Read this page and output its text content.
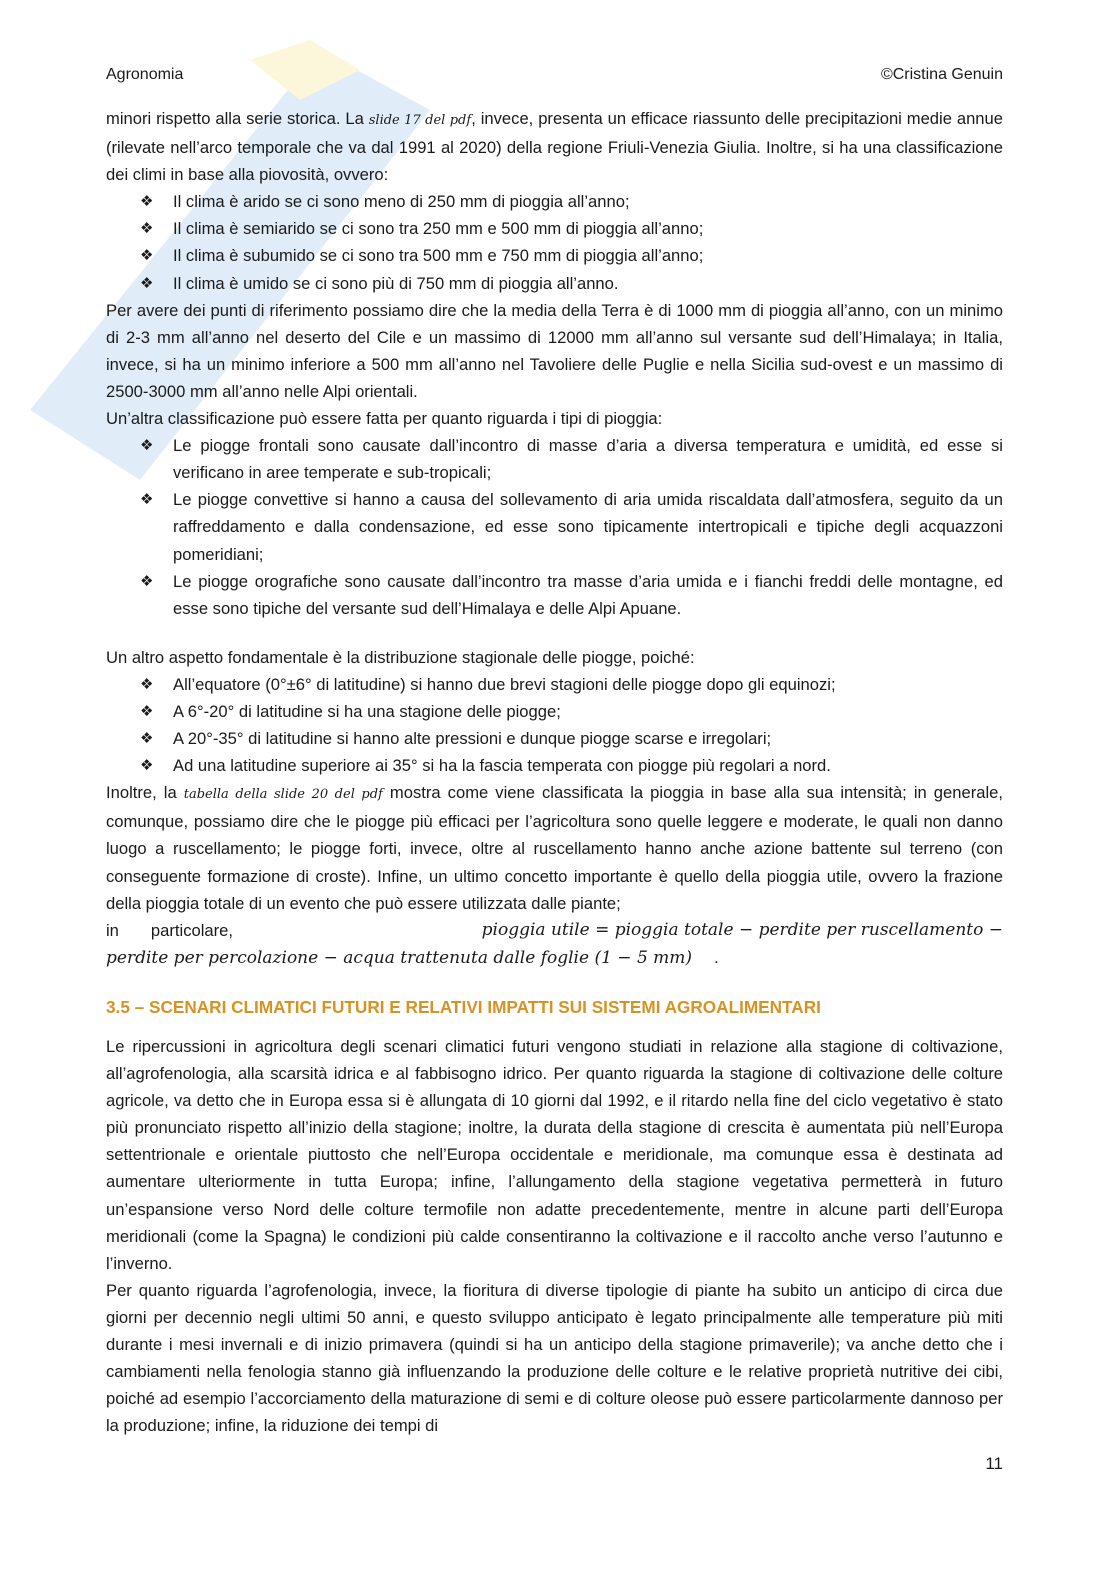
Agronomia	©Cristina Genuin

minori rispetto alla serie storica. La slide 17 del pdf, invece, presenta un efficace riassunto delle precipitazioni medie annue (rilevate nell’arco temporale che va dal 1991 al 2020) della regione Friuli-Venezia Giulia. Inoltre, si ha una classificazione dei climi in base alla piovosità, ovvero:

❖ Il clima è arido se ci sono meno di 250 mm di pioggia all’anno;
❖ Il clima è semiarido se ci sono tra 250 mm e 500 mm di pioggia all’anno;
❖ Il clima è subumido se ci sono tra 500 mm e 750 mm di pioggia all’anno;
❖ Il clima è umido se ci sono più di 750 mm di pioggia all’anno.

Per avere dei punti di riferimento possiamo dire che la media della Terra è di 1000 mm di pioggia all’anno, con un minimo di 2-3 mm all’anno nel deserto del Cile e un massimo di 12000 mm all’anno sul versante sud dell’Himalaya; in Italia, invece, si ha un minimo inferiore a 500 mm all’anno nel Tavoliere delle Puglie e nella Sicilia sud-ovest e un massimo di 2500-3000 mm all’anno nelle Alpi orientali.

Un’altra classificazione può essere fatta per quanto riguarda i tipi di pioggia:

❖ Le piogge frontali sono causate dall’incontro di masse d’aria a diversa temperatura e umidità, ed esse si verificano in aree temperate e sub-tropicali;
❖ Le piogge convettive si hanno a causa del sollevamento di aria umida riscaldata dall’atmosfera, seguito da un raffreddamento e dalla condensazione, ed esse sono tipicamente intertropicali e tipiche degli acquazzoni pomeridiani;
❖ Le piogge orografiche sono causate dall’incontro tra masse d’aria umida e i fianchi freddi delle montagne, ed esse sono tipiche del versante sud dell’Himalaya e delle Alpi Apuane.

Un altro aspetto fondamentale è la distribuzione stagionale delle piogge, poiché:

❖ All’equatore (0°±6° di latitudine) si hanno due brevi stagioni delle piogge dopo gli equinozi;
❖ A 6°-20° di latitudine si ha una stagione delle piogge;
❖ A 20°-35° di latitudine si hanno alte pressioni e dunque piogge scarse e irregolari;
❖ Ad una latitudine superiore ai 35° si ha la fascia temperata con piogge più regolari a nord.

Inoltre, la tabella della slide 20 del pdf mostra come viene classificata la pioggia in base alla sua intensità; in generale, comunque, possiamo dire che le piogge più efficaci per l’agricoltura sono quelle leggere e moderate, le quali non danno luogo a ruscellamento; le piogge forti, invece, oltre al ruscellamento hanno anche azione battente sul terreno (con conseguente formazione di croste). Infine, un ultimo concetto importante è quello della pioggia utile, ovvero la frazione della pioggia totale di un evento che può essere utilizzata dalle piante;

in particolare,	pioggia utile = pioggia totale − perdite per ruscellamento −
perdite per percolazione − acqua trattenuta dalle foglie (1 − 5 mm) .
3.5 – SCENARI CLIMATICI FUTURI E RELATIVI IMPATTI SUI SISTEMI AGROALIMENTARI

Le ripercussioni in agricoltura degli scenari climatici futuri vengono studiati in relazione alla stagione di coltivazione, all’agrofenologia, alla scarsità idrica e al fabbisogno idrico. Per quanto riguarda la stagione di coltivazione delle colture agricole, va detto che in Europa essa si è allungata di 10 giorni dal 1992, e il ritardo nella fine del ciclo vegetativo è stato più pronunciato rispetto all’inizio della stagione; inoltre, la durata della stagione di crescita è aumentata più nell’Europa settentrionale e orientale piuttosto che nell’Europa occidentale e meridionale, ma comunque essa è destinata ad aumentare ulteriormente in tutta Europa; infine, l’allungamento della stagione vegetativa permetterà in futuro un’espansione verso Nord delle colture termofile non adatte precedentemente, mentre in alcune parti dell’Europa meridionali (come la Spagna) le condizioni più calde consentiranno la coltivazione e il raccolto anche verso l’autunno e l’inverno.

Per quanto riguarda l’agrofenologia, invece, la fioritura di diverse tipologie di piante ha subito un anticipo di circa due giorni per decennio negli ultimi 50 anni, e questo sviluppo anticipato è legato principalmente alle temperature più miti durante i mesi invernali e di inizio primavera (quindi si ha un anticipo della stagione primaverile); va anche detto che i cambiamenti nella fenologia stanno già influenzando la produzione delle colture e le relative proprietà nutritive dei cibi, poiché ad esempio l’accorciamento della maturazione di semi e di colture oleose può essere particolarmente dannoso per la produzione; infine, la riduzione dei tempi di

11
